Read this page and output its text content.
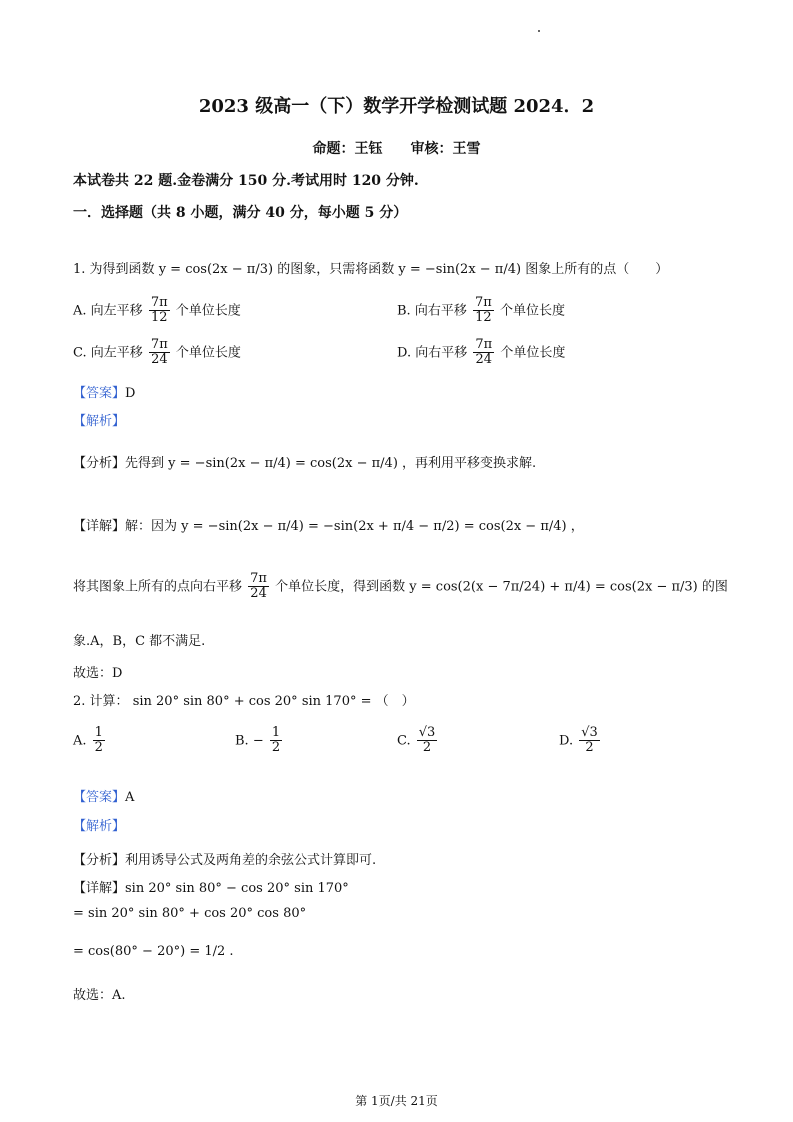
2023 级高一（下）数学开学检测试题 2024．2
命题：王钰　　审核：王雪
本试卷共 22 题.金卷满分 150 分.考试用时 120 分钟.
一．选择题（共 8 小题，满分 40 分，每小题 5 分）
1. 为得到函数 y = cos(2x − π/3) 的图象，只需将函数 y = −sin(2x − π/4) 图象上所有的点（　　）
A. 向左平移 $\frac{7\pi}{12}$ 个单位长度	B. 向右平移 $\frac{7\pi}{12}$ 个单位长度
C. 向左平移 $\frac{7\pi}{24}$ 个单位长度	D. 向右平移 $\frac{7\pi}{24}$ 个单位长度
【答案】D
【解析】
【分析】先得到 y = −sin(2x − π/4) = cos(2x − π/4) ，再利用平移变换求解.
【详解】解：因为 y = −sin(2x − π/4) = −sin(2x + π/4 − π/2) = cos(2x − π/4) ，
将其图象上所有的点向右平移 $\frac{7\pi}{24}$ 个单位长度，得到函数 y = cos(2(x − 7π/24) + π/4) = cos(2x − π/3) 的图
象.A，B，C 都不满足.
故选：D
2. 计算： sin 20° sin 80° + cos 20° sin 170° = （　）
A. $\frac{1}{2}$	B. − $\frac{1}{2}$	C. $\frac{√3}{2}$	D. $\frac{√3}{2}$
【答案】A
【解析】
【分析】利用诱导公式及两角差的余弦公式计算即可.
【详解】sin 20° sin 80° − cos 20° sin 170°
= sin 20° sin 80° + cos 20° cos 80°
= cos(80° − 20°) = 1/2 .
故选：A.
第 1页/共 21页
